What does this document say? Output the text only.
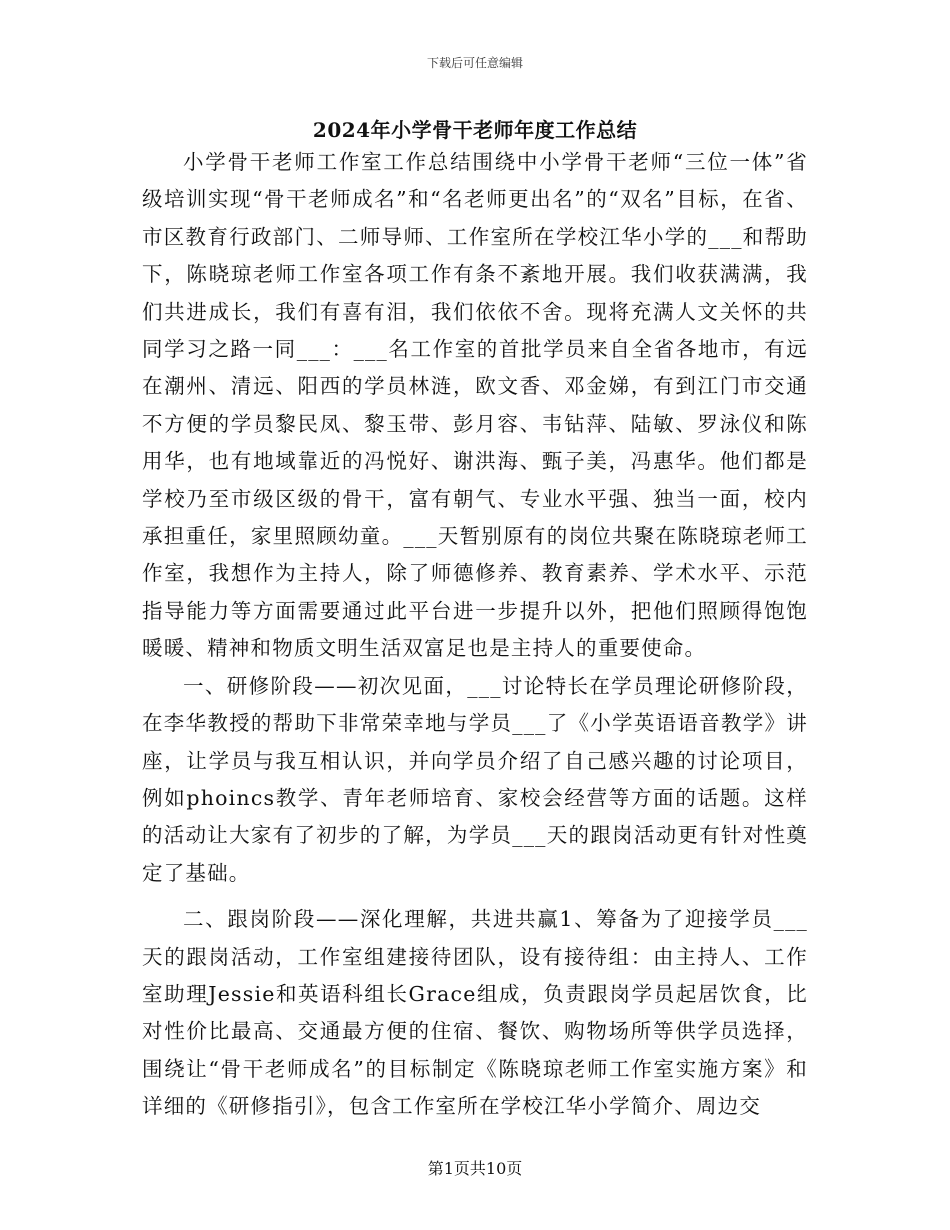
下载后可任意编辑
2024年小学骨干老师年度工作总结

小学骨干老师工作室工作总结围绕中小学骨干老师“三位一体”省级培训实现“骨干老师成名”和“名老师更出名”的“双名”目标，在省、市区教育行政部门、二师导师、工作室所在学校江华小学的___和帮助下，陈晓琼老师工作室各项工作有条不紊地开展。我们收获满满，我们共进成长，我们有喜有泪，我们依依不舍。现将充满人文关怀的共同学习之路一同___：___名工作室的首批学员来自全省各地市，有远在潮州、清远、阳西的学员林涟，欧文香、邓金娣，有到江门市交通不方便的学员黎民凤、黎玉带、彭月容、韦钻萍、陆敏、罗泳仪和陈用华，也有地域靠近的冯悦好、谢洪海、甄子美，冯惠华。他们都是学校乃至市级区级的骨干，富有朝气、专业水平强、独当一面，校内承担重任，家里照顾幼童。___天暂别原有的岗位共聚在陈晓琼老师工作室，我想作为主持人，除了师德修养、教育素养、学术水平、示范指导能力等方面需要通过此平台进一步提升以外，把他们照顾得饱饱暖暖、精神和物质文明生活双富足也是主持人的重要使命。

一、研修阶段——初次见面，___讨论特长在学员理论研修阶段，在李华教授的帮助下非常荣幸地与学员___了《小学英语语音教学》讲座，让学员与我互相认识，并向学员介绍了自己感兴趣的讨论项目，例如phoincs教学、青年老师培育、家校会经营等方面的话题。这样的活动让大家有了初步的了解，为学员___天的跟岗活动更有针对性奠定了基础。

二、跟岗阶段——深化理解，共进共赢1、筹备为了迎接学员___天的跟岗活动，工作室组建接待团队，设有接待组：由主持人、工作室助理Jessie和英语科组长Grace组成，负责跟岗学员起居饮食，比对性价比最高、交通最方便的住宿、餐饮、购物场所等供学员选择，围绕让“骨干老师成名”的目标制定《陈晓琼老师工作室实施方案》和详细的《研修指引》，包含工作室所在学校江华小学简介、周边交

第1页共10页
